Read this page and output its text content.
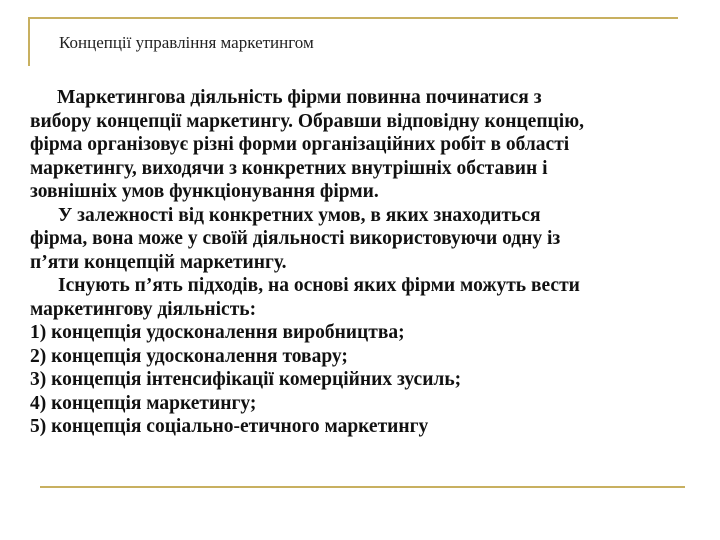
Концепції управління маркетингом
Маркетингова діяльність фірми повинна починатися з
вибору концепції маркетингу. Обравши відповідну концепцію,
фірма організовує різні форми організаційних робіт в області
маркетингу, виходячи з конкретних внутрішніх обставин і
зовнішніх умов функціонування фірми.
У залежності від конкретних умов, в яких знаходиться
фірма, вона може у своїй діяльності використовуючи одну із
п’яти концепцій маркетингу.
Існують п’ять підходів, на основі яких фірми можуть вести
маркетингову діяльність:
1) концепція удосконалення виробництва;
2) концепція удосконалення товару;
3) концепція інтенсифікації комерційних зусиль;
4) концепція маркетингу;
5) концепція соціально-етичного маркетингу
